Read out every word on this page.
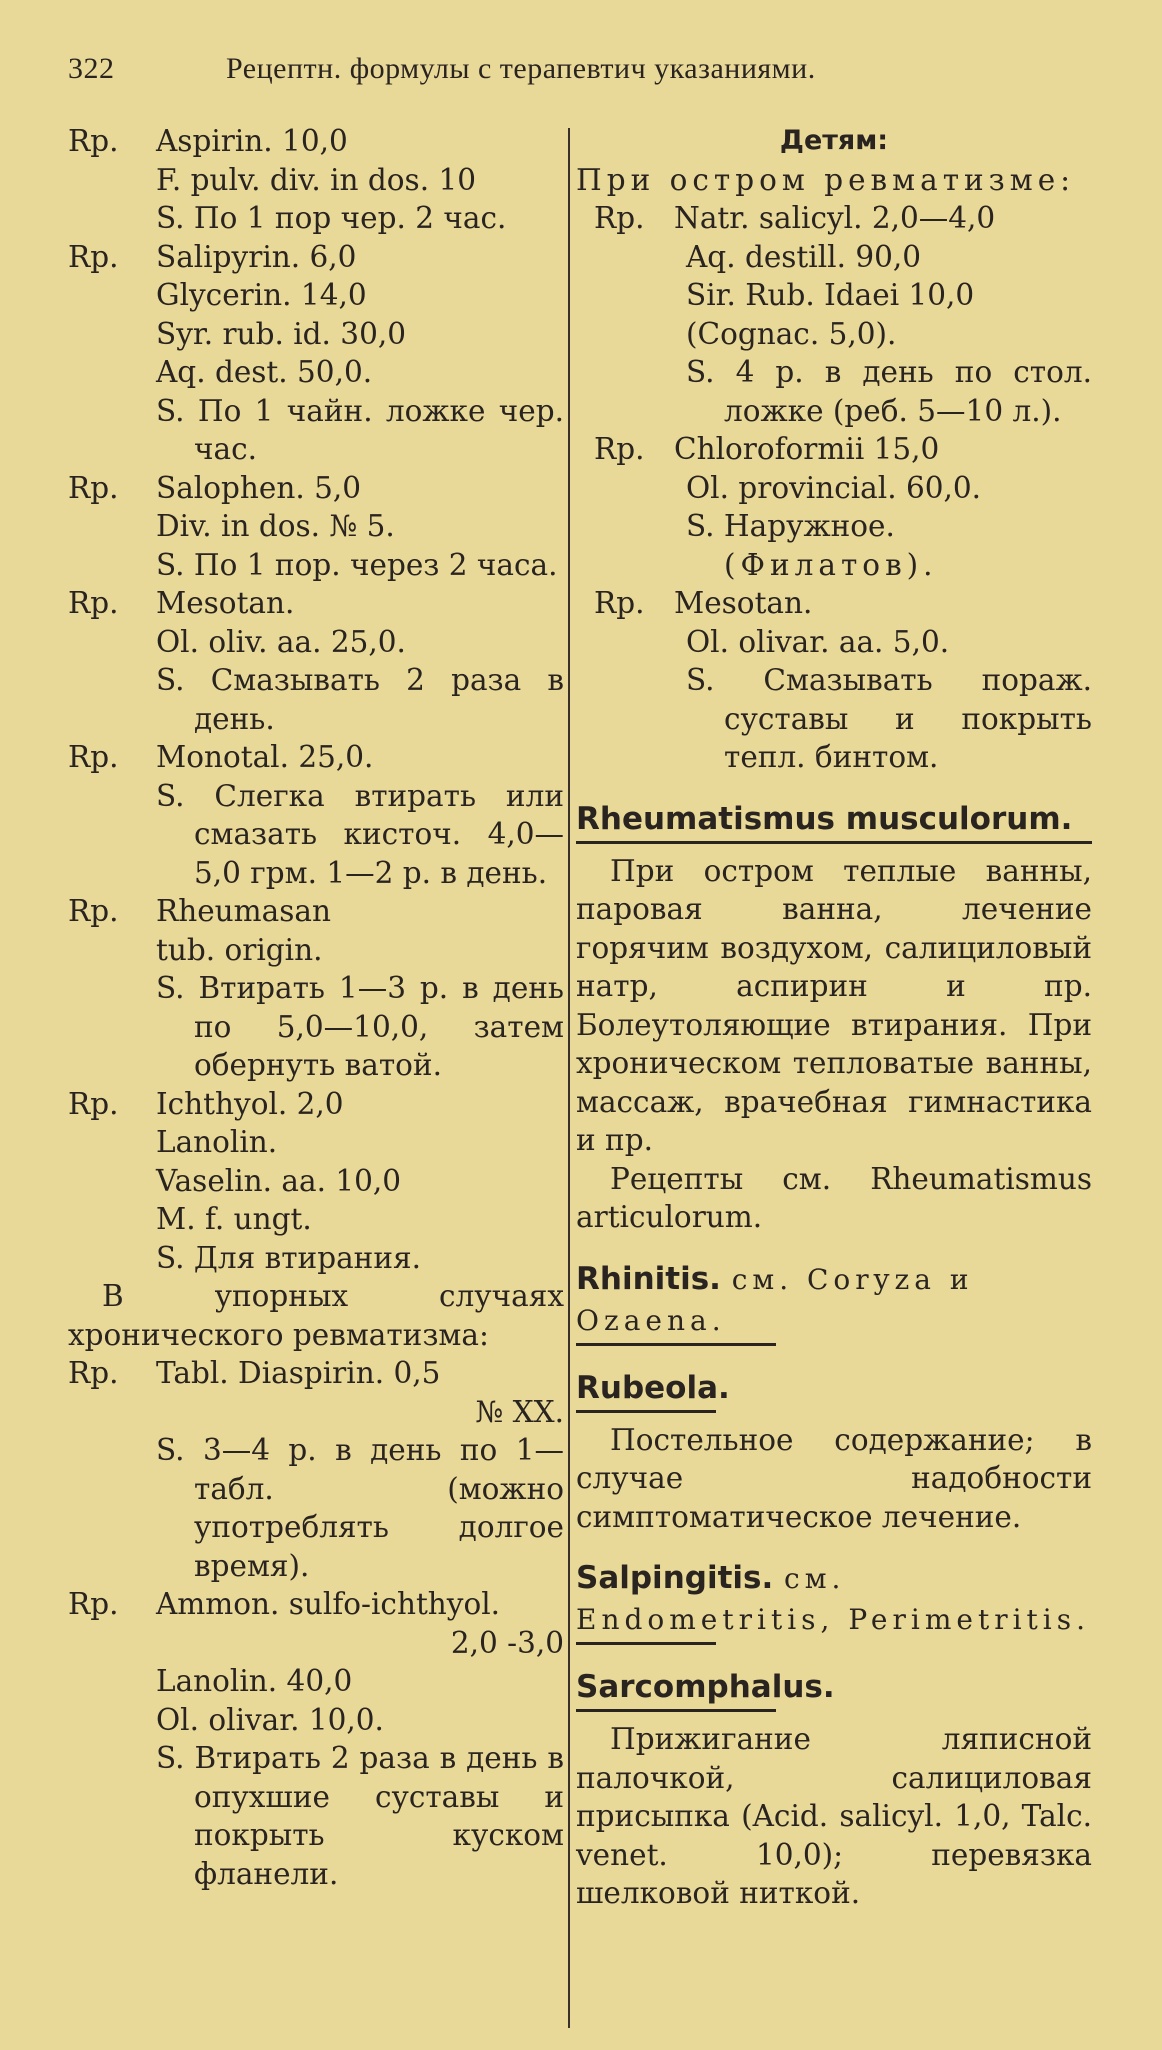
322	Рецептн. формулы с терапевтич указаниями.
Rp.	Aspirin. 10,0
F. pulv. div. in dos. 10
S. По 1 пор чер. 2 час.
Rp.	Salipyrin. 6,0
Glycerin. 14,0
Syr. rub. id. 30,0
Aq. dest. 50,0.
S. По 1 чайн. ложке чер. час.
Rp.	Salophen. 5,0
Div. in dos. № 5.
S. По 1 пор. через 2 часа.
Rp.	Mesotan.
Ol. oliv. aa. 25,0.
S. Смазывать 2 раза в день.
Rp.	Monotal. 25,0.
S. Слегка втирать или смазать кисточ. 4,0—5,0 грм. 1—2 р. в день.
Rp.	Rheumasan
tub. origin.
S. Втирать 1—3 р. в день по 5,0—10,0, затем обернуть ватой.
Rp.	Ichthyol. 2,0
Lanolin.
Vaselin. aa. 10,0
M. f. ungt.
S. Для втирания.
В упорных случаях хронического ревматизма:
Rp.	Tabl. Diaspirin. 0,5
№ XX.
S. 3—4 р. в день по 1—табл. (можно употреблять долгое время).
Rp.	Ammon. sulfo-ichthyol.
2,0 -3,0
Lanolin. 40,0
Ol. olivar. 10,0.
S. Втирать 2 раза в день в опухшие суставы и покрыть куском фланели.
Детям:
При остром ревматизме:
Rp.	Natr. salicyl. 2,0—4,0
Aq. destill. 90,0
Sir. Rub. Idaei 10,0
(Cognac. 5,0).
S. 4 р. в день по стол. ложке (реб. 5—10 л.).
Rp.	Chloroformii 15,0
Ol. provincial. 60,0.
S. Наружное.
(Филатов).
Rp.	Mesotan.
Ol. olivar. aa. 5,0.
S. Смазывать пораж. суставы и покрыть тепл. бинтом.
Rheumatismus musculorum.
При остром теплые ванны, паровая ванна, лечение горячим воздухом, салициловый натр, аспирин и пр. Болеутоляющие втирания. При хроническом тепловатые ванны, массаж, врачебная гимнастика и пр.
Рецепты см. Rheumatismus articulorum.
Rhinitis. см. Coryza и Ozaena.
Rubeola.
Постельное содержание; в случае надобности симптоматическое лечение.
Salpingitis. см. Endometritis, Perimetritis.
Sarcomphalus.
Прижигание ляписной палочкой, салициловая присыпка (Acid. salicyl. 1,0, Talc. venet. 10,0); перевязка шелковой ниткой.
